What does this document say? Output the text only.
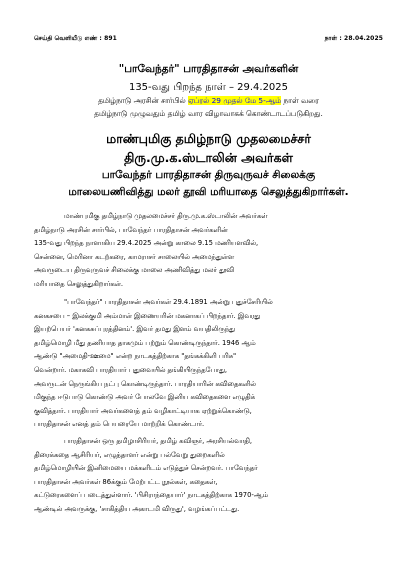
செய்தி வெளியீடு எண் : 891	நாள் : 28.04.2025
"பாவேந்தர்" பாரதிதாசன் அவர்களின்
135-வது பிறந்த நாள் – 29.4.2025
தமிழ்நாடு அரசின் சார்பில் ஏப்ரல் 29 முதல் மே 5-ஆம் நாள் வரை
தமிழ்நாடு முழுவதும் தமிழ் வார விழாவாகக் கொண்டாடப்படுகிறது.
மாண்புமிகு தமிழ்நாடு முதலமைச்சர்
திரு.மு.க.ஸ்டாலின் அவர்கள்
பாவேந்தர் பாரதிதாசன் திருவுருவச் சிலைக்கு
மாலையணிவித்து மலர் தூவி மரியாதை செலுத்துகிறார்கள்.
மாண்புமிகு தமிழ்நாடு முதலமைச்சர் திரு.மு.க.ஸ்டாலின் அவர்கள்
தமிழ்நாடு அரசின் சார்பில், பாவேந்தர் பாரதிதாசன் அவர்களின்
135-வது பிறந்த நாளாகிய 29.4.2025 அன்று காலை 9.15 மணியளவில்,
சென்னை, மெரினா கடற்கரை, காமராசர் சாலையில் அமைந்துள்ள
அவருடைய திருவுருவச் சிலைக்கு மாலை அணிவித்து மலர் தூவி
மரியாதை செலுத்துகிறார்கள்.
"பாவேந்தர்" பாரதிதாசன் அவர்கள் 29.4.1891 அன்று புதுச்சேரியில்
கனகசபை – இலக்குமி அம்மாள் இணையரின் மகனாகப் பிறந்தார். இவரது
இயற்பெயர் 'கனகசுப்புரத்தினம்'. இவர் தமது இளம் வயதிலிருந்து
தமிழ்மொழி மீது தணியாத தாகமும் பற்றும் கொண்டிருந்தார். 1946 ஆம்
ஆண்டு "அமைதி-ஊமை" என்ற நாடகத்திற்காக "தங்கக்கிளி பரிசு"
வென்றார். மகாகவி பாரதியார் புதுவையில் தங்கியிருந்தபோது,
அவருடன் நெருங்கிய நட்பு கொண்டிருந்தார். பாரதியாரின் கவிதைகளில்
மிகுந்த ஈடுபாடு கொண்டு அவர் போலவே இனிய கவிதைகளை எழுதிக்
குவித்தார். பாரதியார் அவர்களைத் தம் வழிகாட்டியாக ஏற்றுக்கொண்டு,
பாரதிதாசன் எனத் தம் பெயரையே மாற்றிக் கொண்டார்.
பாரதிதாசன் ஒரு தமிழாசிரியர், தமிழ் கவிஞர், அரசியல்வாதி,
திரைக்கதை ஆசிரியர், எழுத்தாளர் என்று பல்வேறு துறைகளில்
தமிழ்மொழியின் இனிமையை மக்களிடம் எடுத்துச் சென்றவர். பாவேந்தர்
பாரதிதாசன் அவர்கள் 86க்கும் மேற்பட்ட நூல்கள், கதைகள்,
கட்டுரைகளைப் படைத்துள்ளார். 'பிசிராந்தையார்' நாடகத்திற்காக 1970-ஆம்
ஆண்டில் அவருக்கு, 'சாகித்திய அகாடமி விருது', வழங்கப்பட்டது.
